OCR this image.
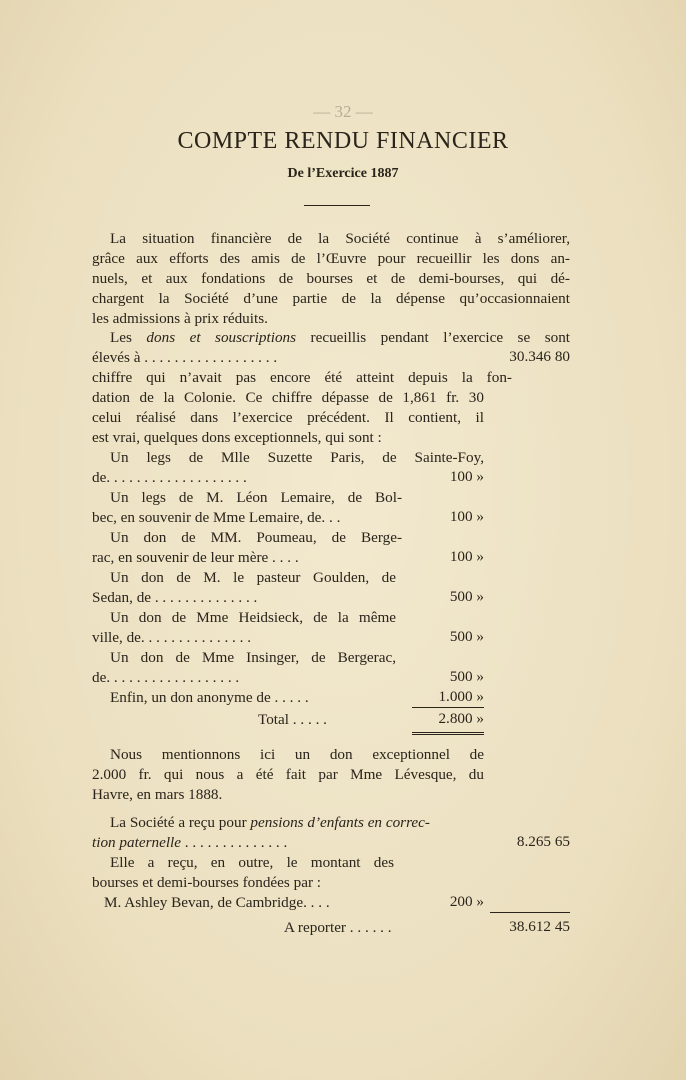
— 32 —
COMPTE RENDU FINANCIER
De l’Exercice 1887
La situation financière de la Société continue à s’améliorer,
grâce aux efforts des amis de l’Œuvre pour recueillir les dons an-
nuels, et aux fondations de bourses et de demi-bourses, qui dé-
chargent la Société d’une partie de la dépense qu’occasionnaient
les admissions à prix réduits.
Les dons et souscriptions recueillis pendant l’exercice se sont
élevés à . . . . . . . . . . . . . . . . . .	30.346 80
chiffre qui n’avait pas encore été atteint depuis la fon-
dation de la Colonie. Ce chiffre dépasse de 1,861 fr. 30
celui réalisé dans l’exercice précédent. Il contient, il
est vrai, quelques dons exceptionnels, qui sont :
Un legs de Mlle Suzette Paris, de Sainte-Foy,
de. . . . . . . . . . . . . . . . . . .	100 »
Un legs de M. Léon Lemaire, de Bol-
bec, en souvenir de Mme Lemaire, de. . .	100 »
Un don de MM. Poumeau, de Berge-
rac, en souvenir de leur mère . . . .	100 »
Un don de M. le pasteur Goulden, de
Sedan, de . . . . . . . . . . . . . .	500 »
Un don de Mme Heidsieck, de la même
ville, de. . . . . . . . . . . . . . .	500 »
Un don de Mme Insinger, de Bergerac,
de. . . . . . . . . . . . . . . . . .	500 »
Enfin, un don anonyme de . . . . .	1.000 »
Total . . . . .	2.800 »
Nous mentionnons ici un don exceptionnel de
2.000 fr. qui nous a été fait par Mme Lévesque, du
Havre, en mars 1888.
La Société a reçu pour pensions d’enfants en correc-
tion paternelle . . . . . . . . . . . . . .	8.265 65
Elle a reçu, en outre, le montant des
bourses et demi-bourses fondées par :
M. Ashley Bevan, de Cambridge. . . .	200 »
A reporter . . . . . .	38.612 45
